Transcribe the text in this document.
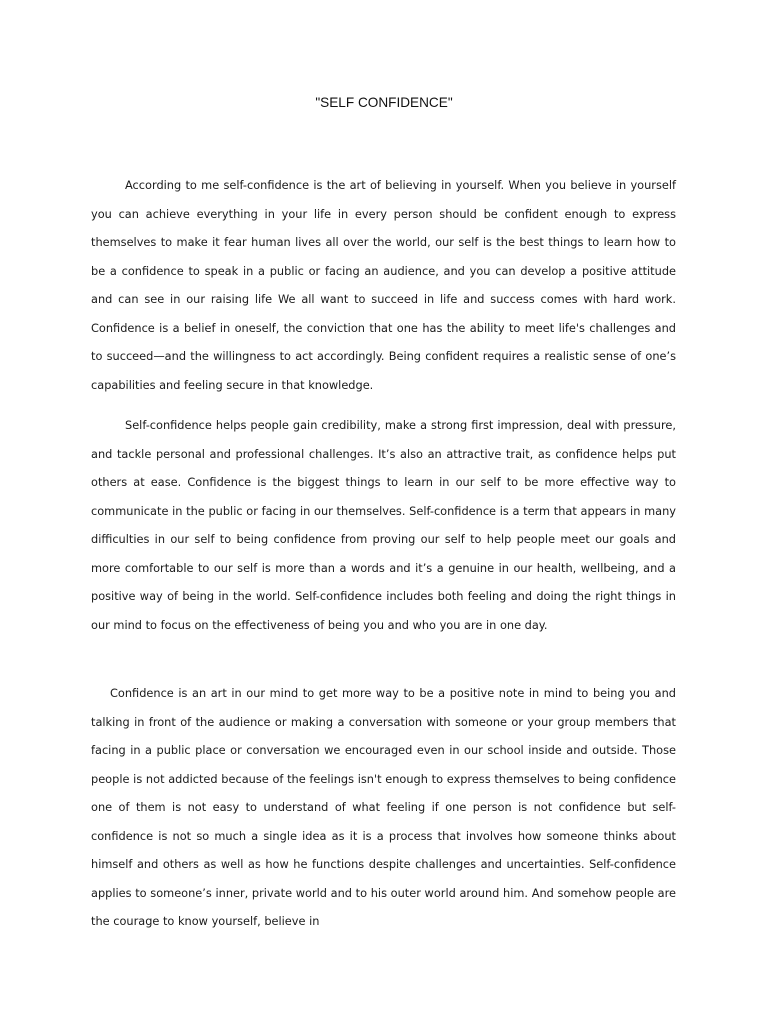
"SELF CONFIDENCE"

According to me self-confidence is the art of believing in yourself. When you believe in yourself you can achieve everything in your life in every person should be confident enough to express themselves to make it fear human lives all over the world, our self is the best things to learn how to be a confidence to speak in a public or facing an audience, and you can develop a positive attitude and can see in our raising life We all want to succeed in life and success comes with hard work. Confidence is a belief in oneself, the conviction that one has the ability to meet life's challenges and to succeed—and the willingness to act accordingly. Being confident requires a realistic sense of one’s capabilities and feeling secure in that knowledge.

Self-confidence helps people gain credibility, make a strong first impression, deal with pressure, and tackle personal and professional challenges. It’s also an attractive trait, as confidence helps put others at ease. Confidence is the biggest things to learn in our self to be more effective way to communicate in the public or facing in our themselves. Self-confidence is a term that appears in many difficulties in our self to being confidence from proving our self to help people meet our goals and more comfortable to our self is more than a words and it’s a genuine in our health, wellbeing, and a positive way of being in the world. Self-confidence includes both feeling and doing the right things in our mind to focus on the effectiveness of being you and who you are in one day.

Confidence is an art in our mind to get more way to be a positive note in mind to being you and talking in front of the audience or making a conversation with someone or your group members that facing in a public place or conversation we encouraged even in our school inside and outside. Those people is not addicted because of the feelings isn't enough to express themselves to being confidence one of them is not easy to understand of what feeling if one person is not confidence but self-confidence is not so much a single idea as it is a process that involves how someone thinks about himself and others as well as how he functions despite challenges and uncertainties. Self-confidence applies to someone’s inner, private world and to his outer world around him. And somehow people are the courage to know yourself, believe in
